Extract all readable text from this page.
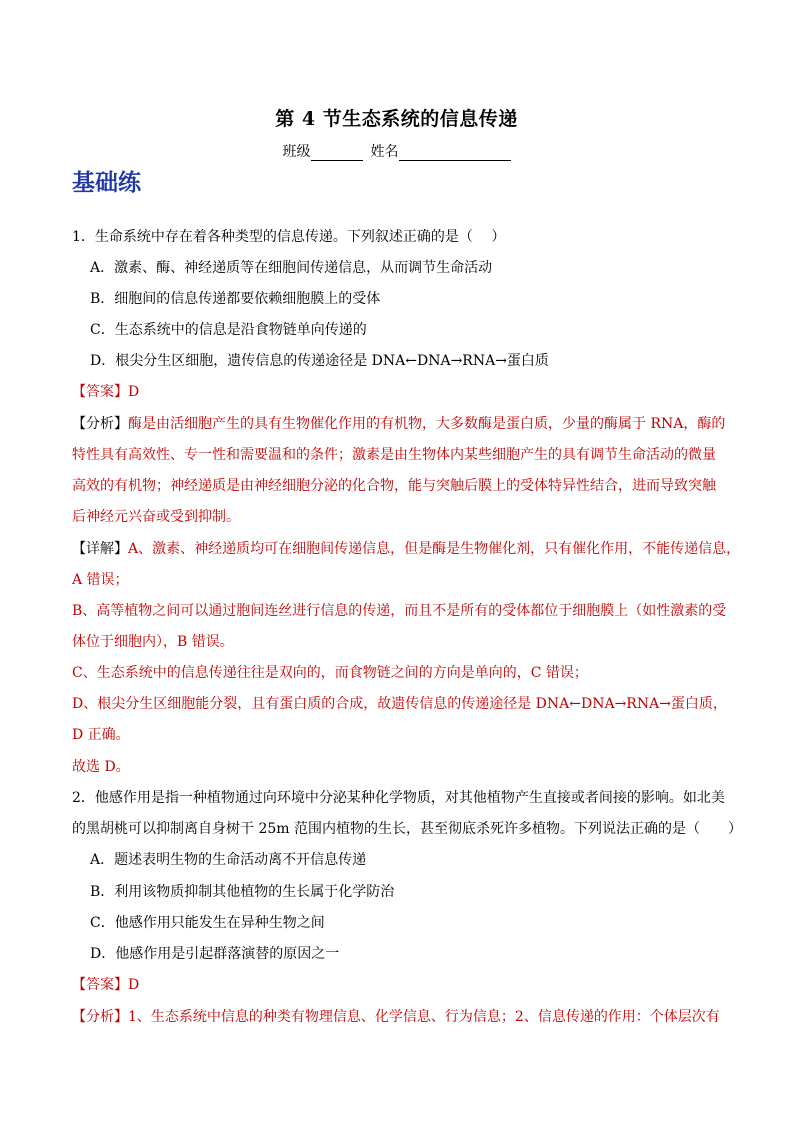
第 4 节生态系统的信息传递
班级	姓名
基础练
1．生命系统中存在着各种类型的信息传递。下列叙述正确的是（　 ）
A．激素、酶、神经递质等在细胞间传递信息，从而调节生命活动
B．细胞间的信息传递都要依赖细胞膜上的受体
C．生态系统中的信息是沿食物链单向传递的
D．根尖分生区细胞，遗传信息的传递途径是 DNA←DNA→RNA→蛋白质
【答案】D
【分析】酶是由活细胞产生的具有生物催化作用的有机物，大多数酶是蛋白质，少量的酶属于 RNA，酶的
特性具有高效性、专一性和需要温和的条件；激素是由生物体内某些细胞产生的具有调节生命活动的微量
高效的有机物；神经递质是由神经细胞分泌的化合物，能与突触后膜上的受体特异性结合，进而导致突触
后神经元兴奋或受到抑制。
【详解】A、激素、神经递质均可在细胞间传递信息，但是酶是生物催化剂，只有催化作用，不能传递信息，
A 错误；
B、高等植物之间可以通过胞间连丝进行信息的传递，而且不是所有的受体都位于细胞膜上（如性激素的受
体位于细胞内），B 错误。
C、生态系统中的信息传递往往是双向的，而食物链之间的方向是单向的，C 错误；
D、根尖分生区细胞能分裂，且有蛋白质的合成，故遗传信息的传递途径是 DNA←DNA→RNA→蛋白质，
D 正确。
故选 D。
2．他感作用是指一种植物通过向环境中分泌某种化学物质，对其他植物产生直接或者间接的影响。如北美
的黑胡桃可以抑制离自身树干 25m 范围内植物的生长，甚至彻底杀死许多植物。下列说法正确的是（　　）
A．题述表明生物的生命活动离不开信息传递
B．利用该物质抑制其他植物的生长属于化学防治
C．他感作用只能发生在异种生物之间
D．他感作用是引起群落演替的原因之一
【答案】D
【分析】1、生态系统中信息的种类有物理信息、化学信息、行为信息；2、信息传递的作用：个体层次有
